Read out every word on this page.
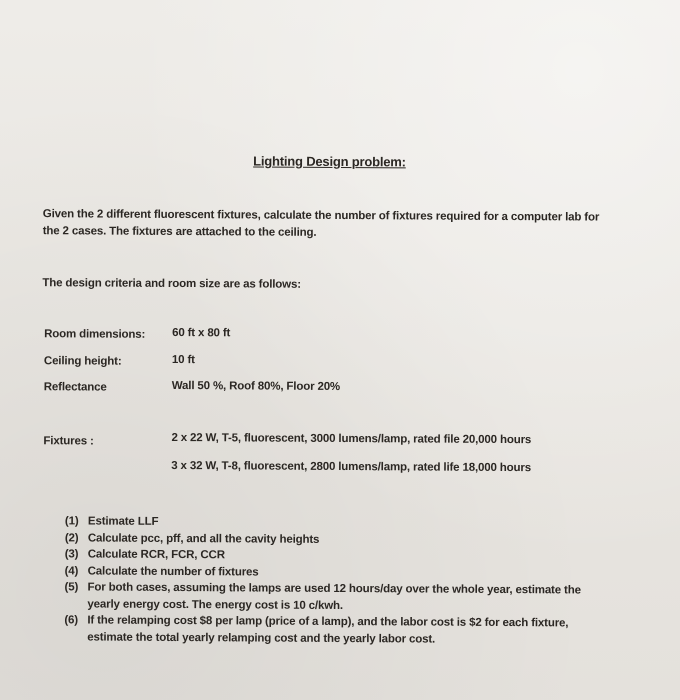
Lighting Design problem:
Given the 2 different fluorescent fixtures, calculate the number of fixtures required for a computer lab for the 2 cases. The fixtures are attached to the ceiling.
The design criteria and room size are as follows:
Room dimensions: 60 ft x 80 ft
Ceiling height:	10 ft
Reflectance	Wall 50 %, Roof 80%, Floor 20%
Fixtures :	2 x 22 W, T-5, fluorescent, 3000 lumens/lamp, rated file 20,000 hours
3 x 32 W, T-8, fluorescent, 2800 lumens/lamp, rated life 18,000 hours
(1) Estimate LLF
(2) Calculate pcc, pff, and all the cavity heights
(3) Calculate RCR, FCR, CCR
(4) Calculate the number of fixtures
(5) For both cases, assuming the lamps are used 12 hours/day over the whole year, estimate the yearly energy cost. The energy cost is 10 c/kwh.
(6) If the relamping cost $8 per lamp (price of a lamp), and the labor cost is $2 for each fixture, estimate the total yearly relamping cost and the yearly labor cost.
